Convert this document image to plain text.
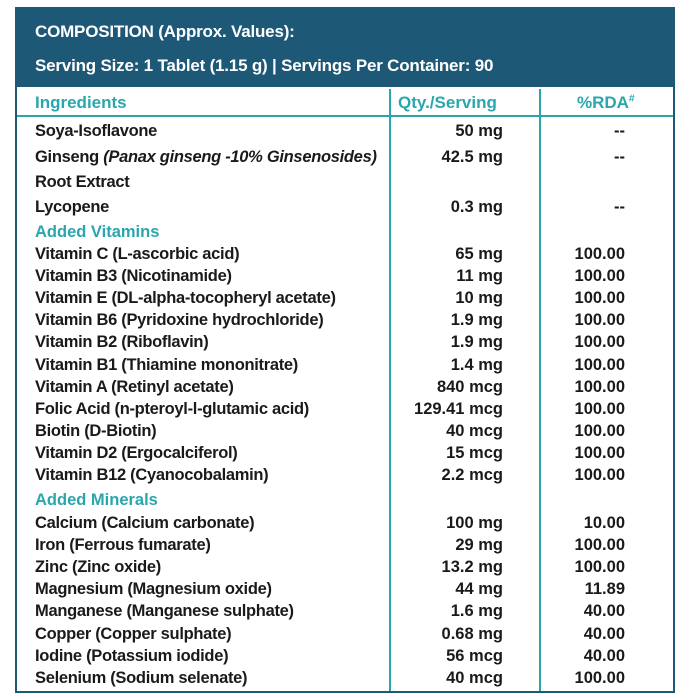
COMPOSITION (Approx. Values):
Serving Size: 1 Tablet (1.15 g) | Servings Per Container: 90
Ingredients	Qty./Serving	%RDA#
Soya-Isoflavone	50 mg	--
Ginseng (Panax ginseng -10% Ginsenosides)	42.5 mg	--
Root Extract
Lycopene	0.3 mg	--
Added Vitamins
Vitamin C (L-ascorbic acid)	65 mg	100.00
Vitamin B3 (Nicotinamide)	11 mg	100.00
Vitamin E (DL-alpha-tocopheryl acetate)	10 mg	100.00
Vitamin B6 (Pyridoxine hydrochloride)	1.9 mg	100.00
Vitamin B2 (Riboflavin)	1.9 mg	100.00
Vitamin B1 (Thiamine mononitrate)	1.4 mg	100.00
Vitamin A (Retinyl acetate)	840 mcg	100.00
Folic Acid (n-pteroyl-l-glutamic acid)	129.41 mcg	100.00
Biotin (D-Biotin)	40 mcg	100.00
Vitamin D2 (Ergocalciferol)	15 mcg	100.00
Vitamin B12 (Cyanocobalamin)	2.2 mcg	100.00
Added Minerals
Calcium (Calcium carbonate)	100 mg	10.00
Iron (Ferrous fumarate)	29 mg	100.00
Zinc (Zinc oxide)	13.2 mg	100.00
Magnesium (Magnesium oxide)	44 mg	11.89
Manganese (Manganese sulphate)	1.6 mg	40.00
Copper (Copper sulphate)	0.68 mg	40.00
Iodine (Potassium iodide)	56 mcg	40.00
Selenium (Sodium selenate)	40 mcg	100.00
